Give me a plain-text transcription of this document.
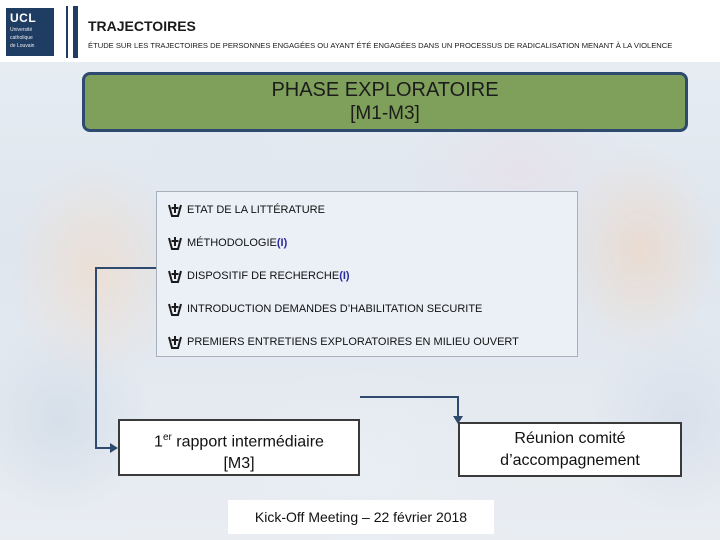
UCL
Université
catholique
de Louvain
TRAJECTOIRES
ÉTUDE SUR LES TRAJECTOIRES DE PERSONNES ENGAGÉES OU AYANT ÉTÉ ENGAGÉES DANS UN PROCESSUS DE RADICALISATION MENANT À LA VIOLENCE
PHASE EXPLORATOIRE
[M1-M3]
ETAT DE LA LITTÉRATURE
MÉTHODOLOGIE (I)
DISPOSITIF DE RECHERCHE (I)
INTRODUCTION DEMANDES D’HABILITATION SECURITE
PREMIERS ENTRETIENS EXPLORATOIRES EN MILIEU OUVERT
1er rapport intermédiaire
[M3]
Réunion comité
d’accompagnement
Kick-Off Meeting – 22 février 2018
